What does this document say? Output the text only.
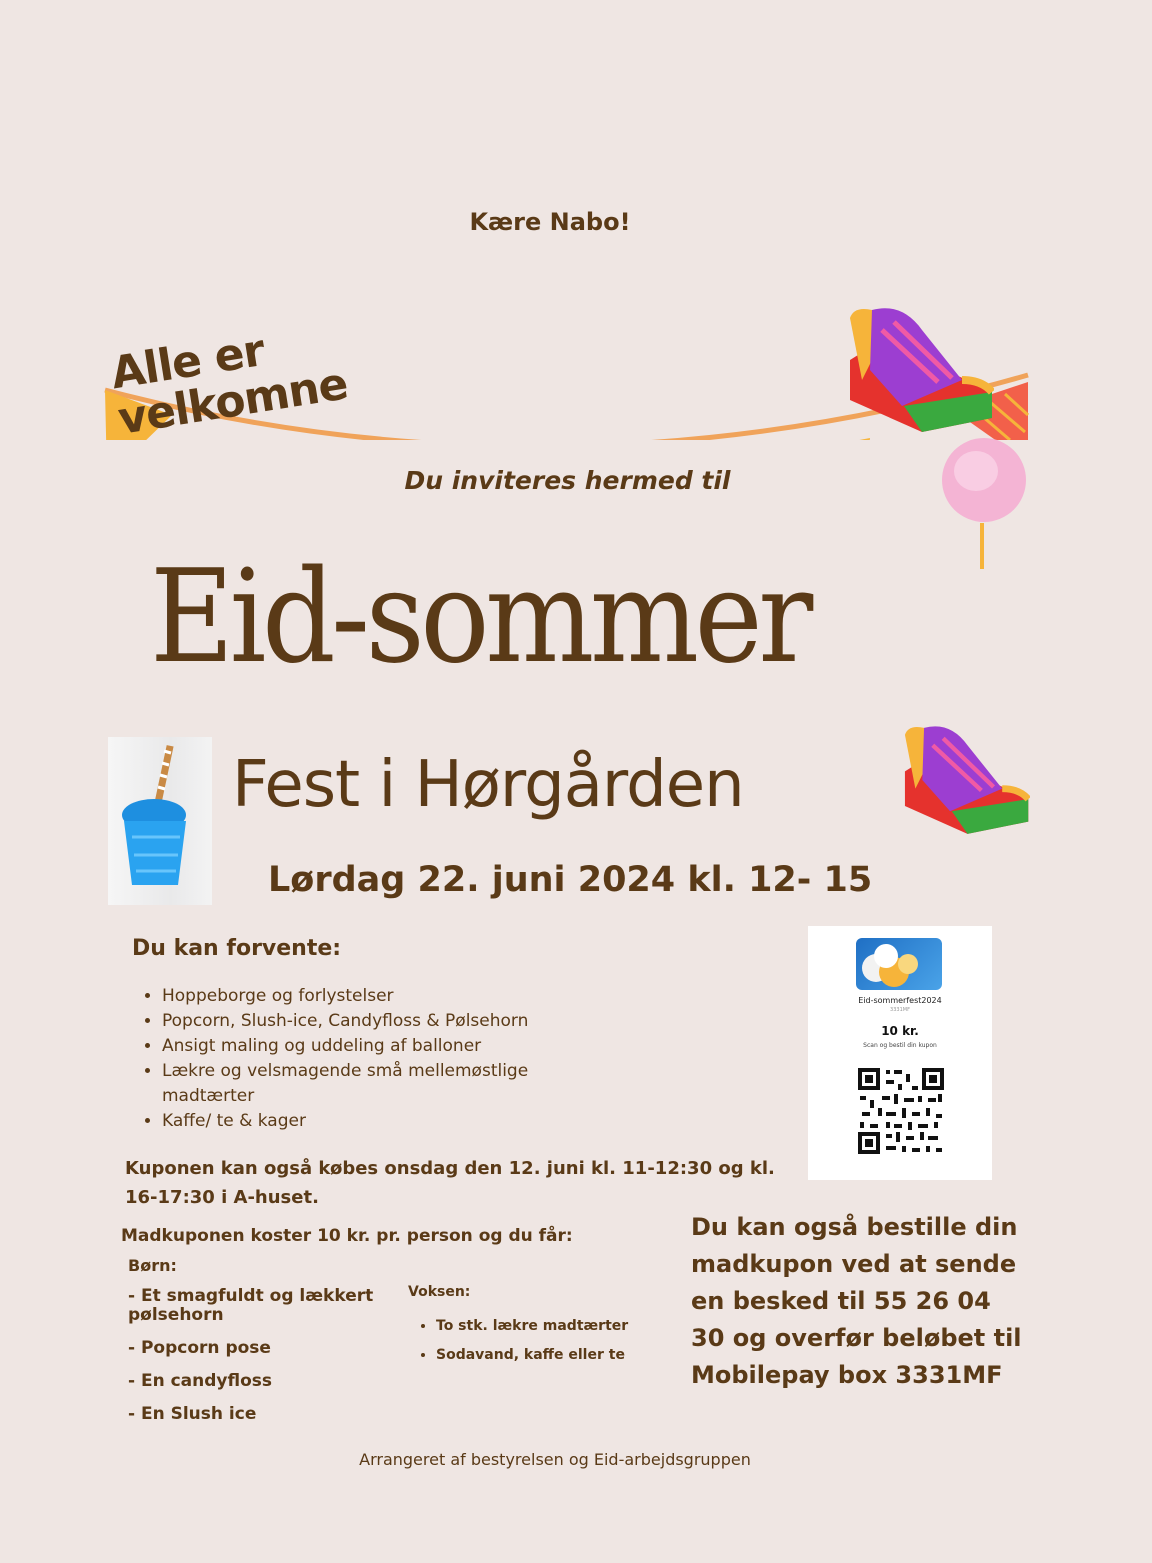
Kære Nabo!
Alle er velkomne
Du inviteres hermed til
Eid-sommer
Fest i Hørgården
Lørdag 22. juni 2024 kl. 12- 15
Du kan forvente:
• Hoppeborge og forlystelser
• Popcorn, Slush-ice, Candyfloss & Pølsehorn
• Ansigt maling og uddeling af balloner
• Lækre og velsmagende små mellemøstlige madtærter
• Kaffe/ te & kager
Eid-sommerfest2024
3331MF
10 kr.
Scan og bestil din kupon
Kuponen kan også købes onsdag den 12. juni kl. 11-12:30 og kl. 16-17:30 i A-huset.
Madkuponen koster 10 kr. pr. person og du får:
Børn:
- Et smagfuldt og lækkert pølsehorn
- Popcorn pose
- En candyfloss
- En Slush ice
Voksen:
• To stk. lækre madtærter
• Sodavand, kaffe eller te
Du kan også bestille din madkupon ved at sende en besked til 55 26 04 30 og overfør beløbet til Mobilepay box 3331MF
Arrangeret af bestyrelsen og Eid-arbejdsgruppen
